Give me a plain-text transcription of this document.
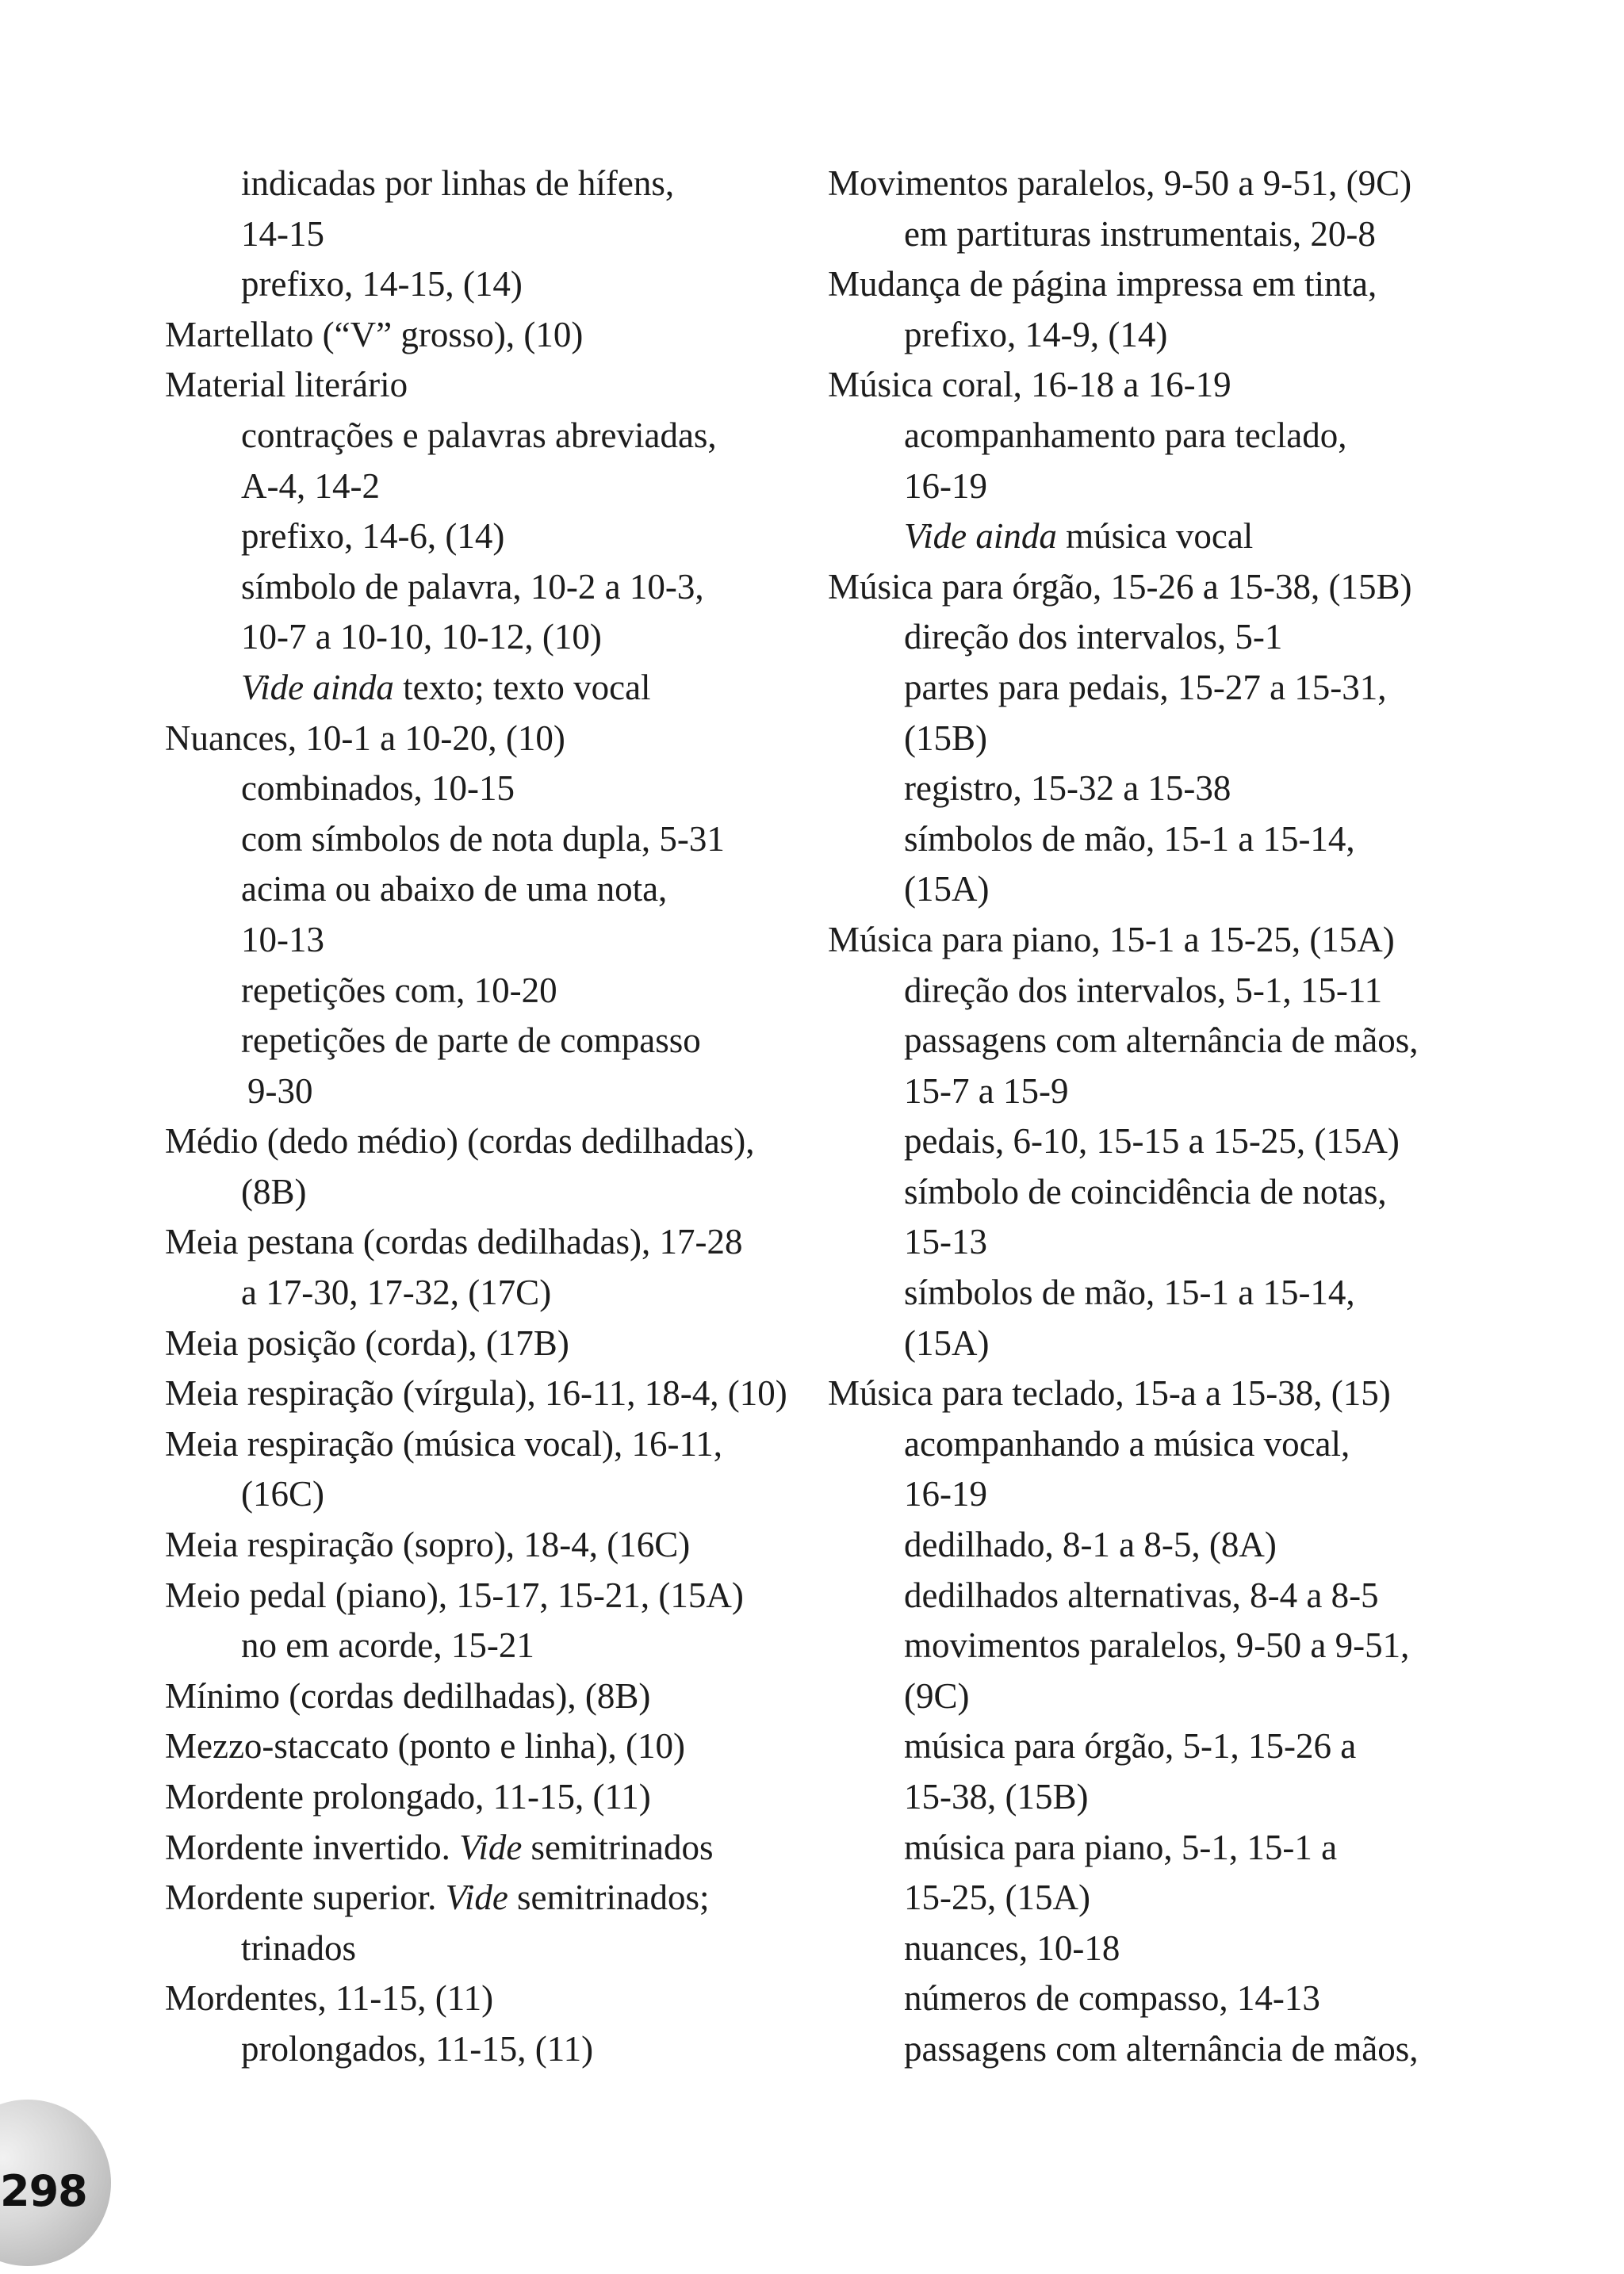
indicadas por linhas de hífens,
14-15
prefixo, 14-15, (14)
Martellato (“V” grosso), (10)
Material literário
contrações e palavras abreviadas,
A-4, 14-2
prefixo, 14-6, (14)
símbolo de palavra, 10-2 a 10-3,
10-7 a 10-10, 10-12, (10)
Vide ainda texto; texto vocal
Nuances, 10-1 a 10-20, (10)
combinados, 10-15
com símbolos de nota dupla, 5-31
acima ou abaixo de uma nota,
10-13
repetições com, 10-20
repetições de parte de compasso
9-30
Médio (dedo médio) (cordas dedilhadas),
(8B)
Meia pestana (cordas dedilhadas), 17-28
a 17-30, 17-32, (17C)
Meia posição (corda), (17B)
Meia respiração (vírgula), 16-11, 18-4, (10)
Meia respiração (música vocal), 16-11,
(16C)
Meia respiração (sopro), 18-4, (16C)
Meio pedal (piano), 15-17, 15-21, (15A)
no em acorde, 15-21
Mínimo (cordas dedilhadas), (8B)
Mezzo-staccato (ponto e linha), (10)
Mordente prolongado, 11-15, (11)
Mordente invertido. Vide semitrinados
Mordente superior. Vide semitrinados;
trinados
Mordentes, 11-15, (11)
prolongados, 11-15, (11)
Movimentos paralelos, 9-50 a 9-51, (9C)
em partituras instrumentais, 20-8
Mudança de página impressa em tinta,
prefixo, 14-9, (14)
Música coral, 16-18 a 16-19
acompanhamento para teclado,
16-19
Vide ainda música vocal
Música para órgão, 15-26 a 15-38, (15B)
direção dos intervalos, 5-1
partes para pedais, 15-27 a 15-31,
(15B)
registro, 15-32 a 15-38
símbolos de mão, 15-1 a 15-14,
(15A)
Música para piano, 15-1 a 15-25, (15A)
direção dos intervalos, 5-1, 15-11
passagens com alternância de mãos,
15-7 a 15-9
pedais, 6-10, 15-15 a 15-25, (15A)
símbolo de coincidência de notas,
15-13
símbolos de mão, 15-1 a 15-14,
(15A)
Música para teclado, 15-a a 15-38, (15)
acompanhando a música vocal,
16-19
dedilhado, 8-1 a 8-5, (8A)
dedilhados alternativas, 8-4 a 8-5
movimentos paralelos, 9-50 a 9-51,
(9C)
música para órgão, 5-1, 15-26 a
15-38, (15B)
música para piano, 5-1, 15-1 a
15-25, (15A)
nuances, 10-18
números de compasso, 14-13
passagens com alternância de mãos,
298
